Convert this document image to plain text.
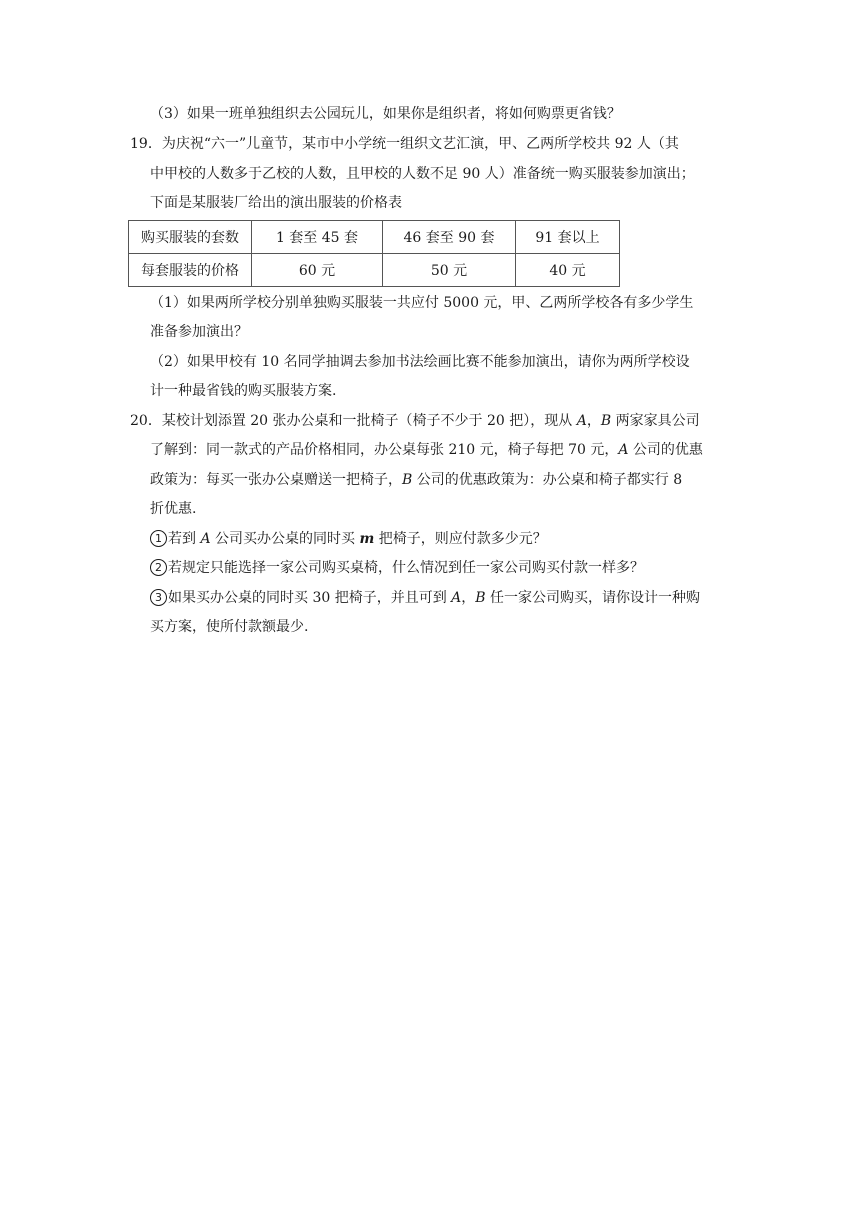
（3）如果一班单独组织去公园玩儿，如果你是组织者，将如何购票更省钱？
19．为庆祝“六一”儿童节，某市中小学统一组织文艺汇演，甲、乙两所学校共 92 人（其
中甲校的人数多于乙校的人数，且甲校的人数不足 90 人）准备统一购买服装参加演出；
下面是某服装厂给出的演出服装的价格表
购买服装的套数	1 套至 45 套	46 套至 90 套	91 套以上
每套服装的价格	60 元	50 元	40 元
（1）如果两所学校分别单独购买服装一共应付 5000 元，甲、乙两所学校各有多少学生
准备参加演出？
（2）如果甲校有 10 名同学抽调去参加书法绘画比赛不能参加演出，请你为两所学校设
计一种最省钱的购买服装方案.
20．某校计划添置 20 张办公桌和一批椅子（椅子不少于 20 把），现从 A，B 两家家具公司
了解到：同一款式的产品价格相同，办公桌每张 210 元，椅子每把 70 元，A 公司的优惠
政策为：每买一张办公桌赠送一把椅子，B 公司的优惠政策为：办公桌和椅子都实行 8
折优惠.
1 若到 A 公司买办公桌的同时买 m 把椅子，则应付款多少元？
2 若规定只能选择一家公司购买桌椅，什么情况到任一家公司购买付款一样多？
3 如果买办公桌的同时买 30 把椅子，并且可到 A，B 任一家公司购买，请你设计一种购
买方案，使所付款额最少.
